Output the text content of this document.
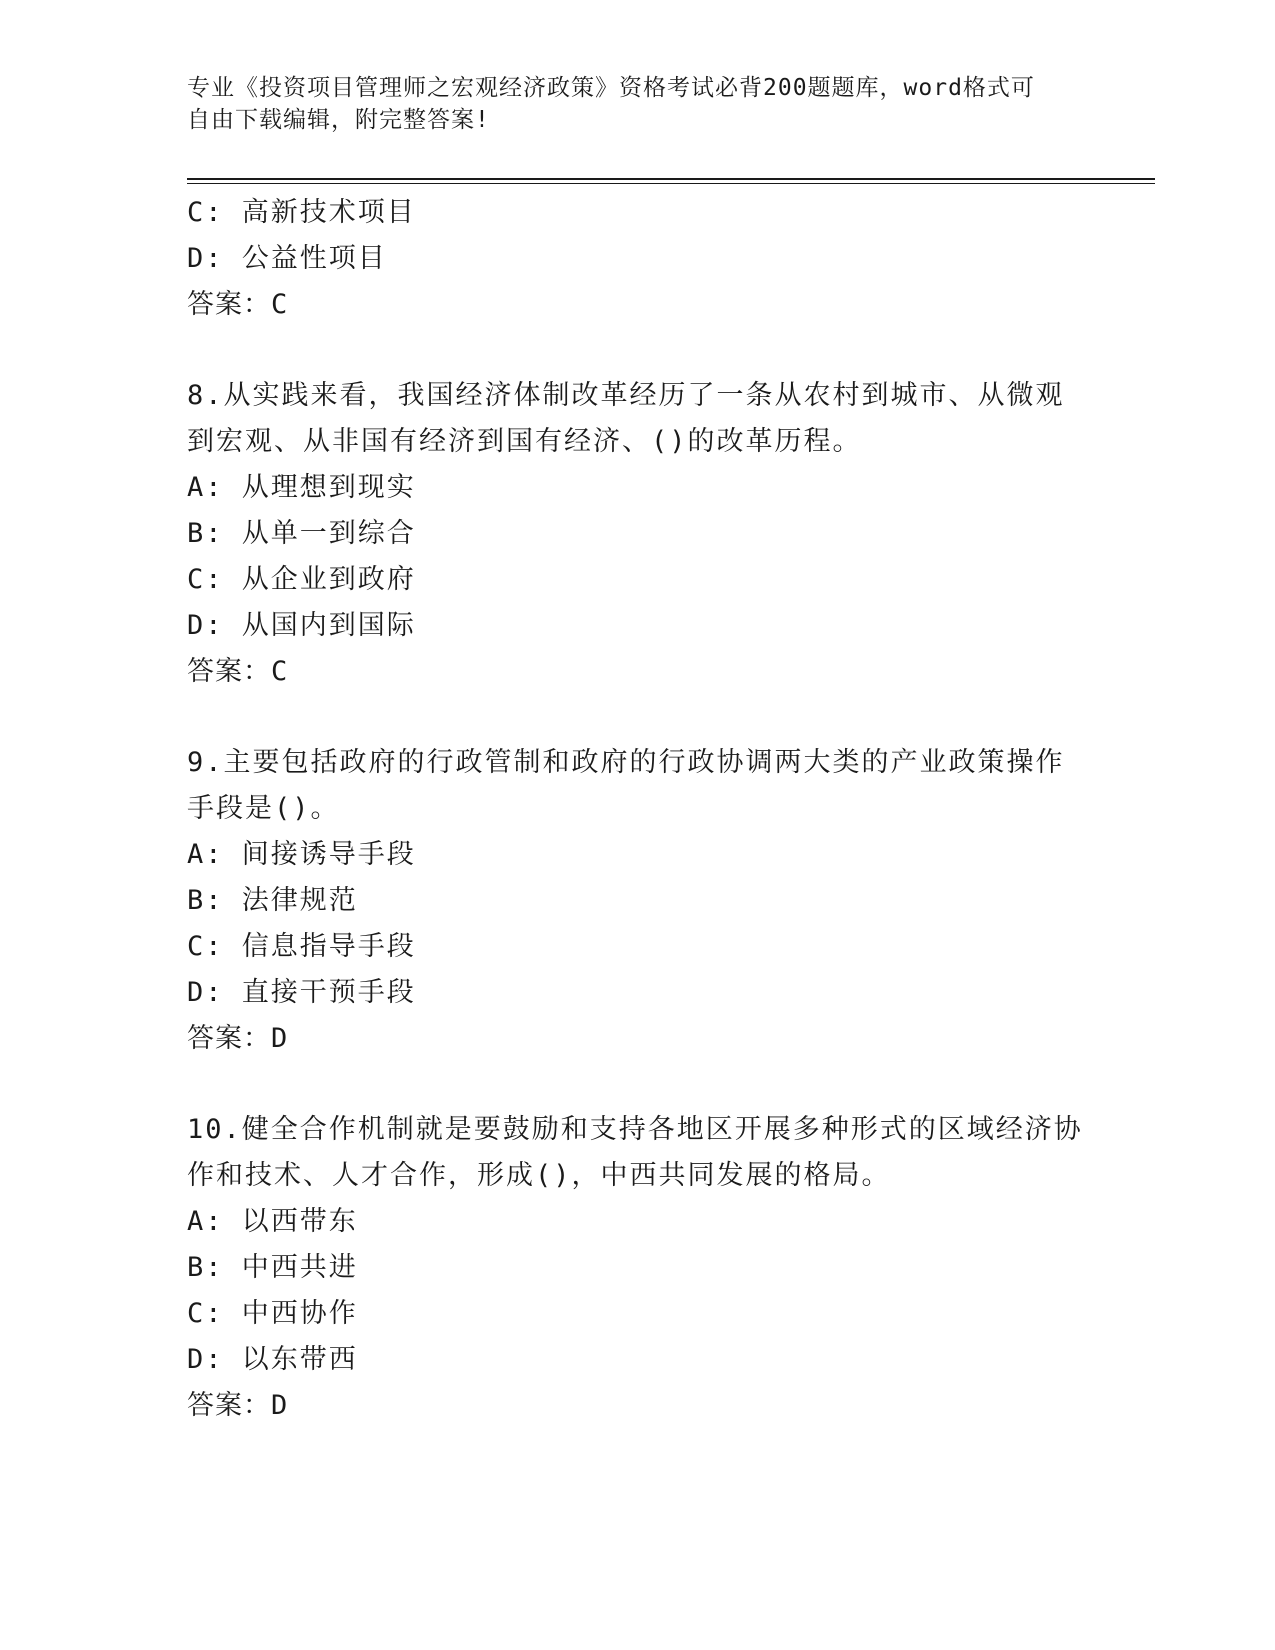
专业《投资项目管理师之宏观经济政策》资格考试必背200题题库，word格式可
自由下载编辑，附完整答案!
C: 高新技术项目
D: 公益性项目
答案：C
8.从实践来看，我国经济体制改革经历了一条从农村到城市、从微观
到宏观、从非国有经济到国有经济、()的改革历程。
A: 从理想到现实
B: 从单一到综合
C: 从企业到政府
D: 从国内到国际
答案：C
9.主要包括政府的行政管制和政府的行政协调两大类的产业政策操作
手段是()。
A: 间接诱导手段
B: 法律规范
C: 信息指导手段
D: 直接干预手段
答案：D
10.健全合作机制就是要鼓励和支持各地区开展多种形式的区域经济协
作和技术、人才合作，形成()，中西共同发展的格局。
A: 以西带东
B: 中西共进
C: 中西协作
D: 以东带西
答案：D
